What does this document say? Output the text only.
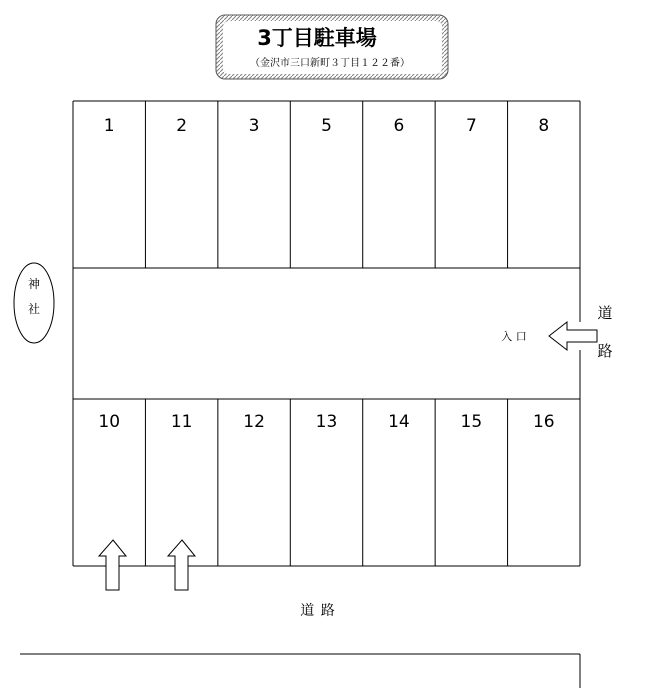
3丁目駐車場
（金沢市三口新町３丁目１２２番）
神
社
1	2	3	5	6	7	8
10	11	12	13	14	15	16
入 口
道
路
道 路
